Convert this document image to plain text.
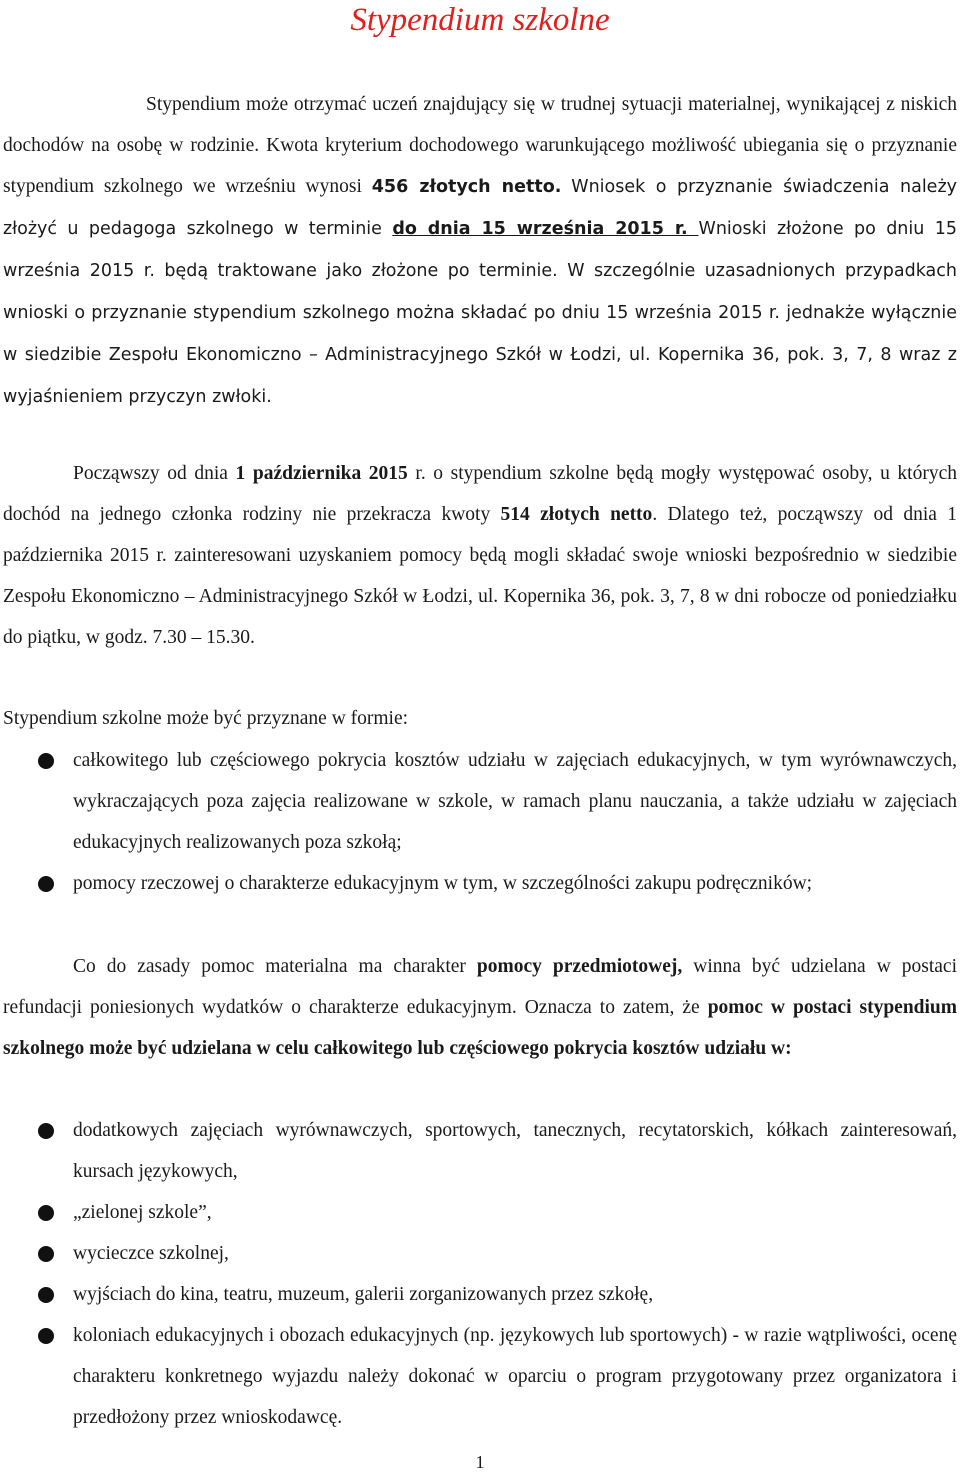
Stypendium szkolne

Stypendium może otrzymać uczeń znajdujący się w trudnej sytuacji materialnej, wynikającej z niskich dochodów na osobę w rodzinie. Kwota kryterium dochodowego warunkującego możliwość ubiegania się o przyznanie stypendium szkolnego we wrześniu wynosi 456 złotych netto. Wniosek o przyznanie świadczenia należy złożyć u pedagoga szkolnego w terminie do dnia 15 września 2015 r. Wnioski złożone po dniu 15 września 2015 r. będą traktowane jako złożone po terminie. W szczególnie uzasadnionych przypadkach wnioski o przyznanie stypendium szkolnego można składać po dniu 15 września 2015 r. jednakże wyłącznie w siedzibie Zespołu Ekonomiczno – Administracyjnego Szkół w Łodzi, ul. Kopernika 36, pok. 3, 7, 8 wraz z wyjaśnieniem przyczyn zwłoki.

Począwszy od dnia 1 października 2015 r. o stypendium szkolne będą mogły występować osoby, u których dochód na jednego członka rodziny nie przekracza kwoty 514 złotych netto. Dlatego też, począwszy od dnia 1 października 2015 r. zainteresowani uzyskaniem pomocy będą mogli składać swoje wnioski bezpośrednio w siedzibie Zespołu Ekonomiczno – Administracyjnego Szkół w Łodzi, ul. Kopernika 36, pok. 3, 7, 8 w dni robocze od poniedziałku do piątku, w godz. 7.30 – 15.30.

Stypendium szkolne może być przyznane w formie:

całkowitego lub częściowego pokrycia kosztów udziału w zajęciach edukacyjnych, w tym wyrównawczych, wykraczających poza zajęcia realizowane w szkole, w ramach planu nauczania, a także udziału w zajęciach edukacyjnych realizowanych poza szkołą;
pomocy rzeczowej o charakterze edukacyjnym w tym, w szczególności zakupu podręczników;

Co do zasady pomoc materialna ma charakter pomocy przedmiotowej, winna być udzielana w postaci refundacji poniesionych wydatków o charakterze edukacyjnym. Oznacza to zatem, że pomoc w postaci stypendium szkolnego może być udzielana w celu całkowitego lub częściowego pokrycia kosztów udziału w:

dodatkowych zajęciach wyrównawczych, sportowych, tanecznych, recytatorskich, kółkach zainteresowań, kursach językowych,
„zielonej szkole”,
wycieczce szkolnej,
wyjściach do kina, teatru, muzeum, galerii zorganizowanych przez szkołę,
koloniach edukacyjnych i obozach edukacyjnych (np. językowych lub sportowych) - w razie wątpliwości, ocenę charakteru konkretnego wyjazdu należy dokonać w oparciu o program przygotowany przez organizatora i przedłożony przez wnioskodawcę.
1
